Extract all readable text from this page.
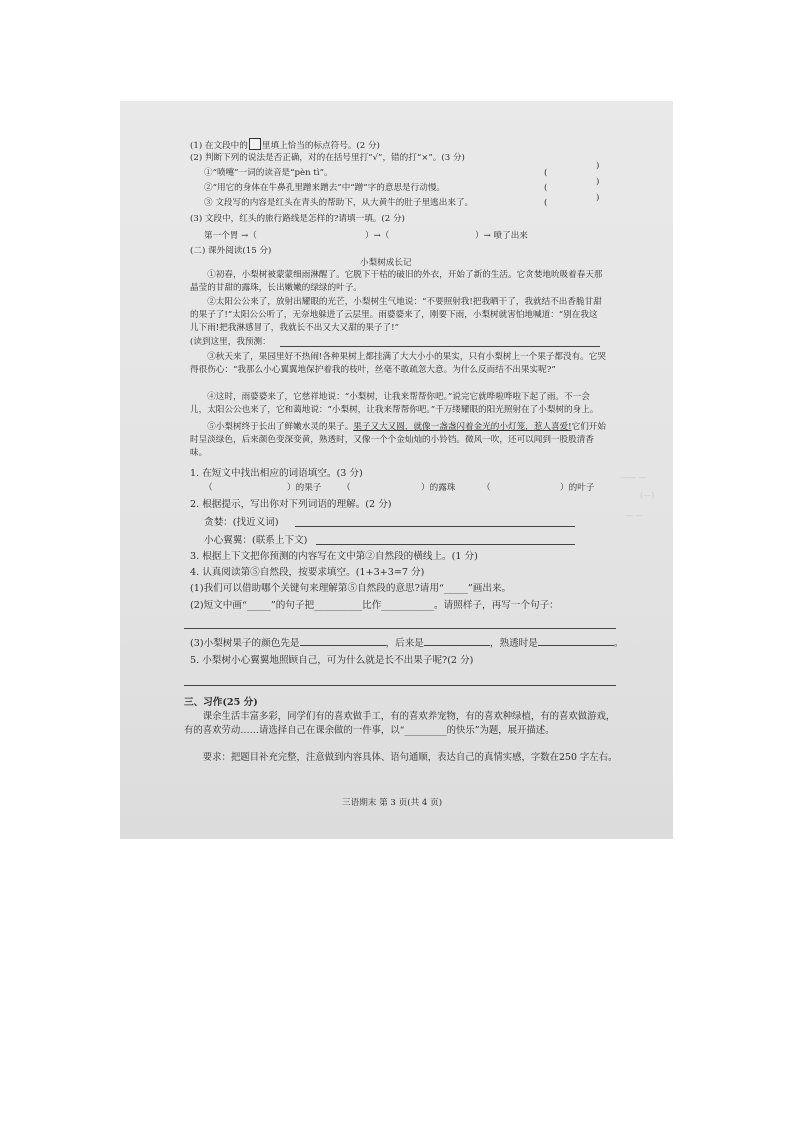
—— —
(—)
— —
(1) 在文段中的 里填上恰当的标点符号。(2 分)
(2) 判断下列的说法是否正确，对的在括号里打“√”，错的打“×”。(3 分)
①“喷嚏”一词的读音是“pèn tì”。
②“用它的身体在牛鼻孔里蹭来蹭去”中“蹭”字的意思是行动慢。
③ 文段写的内容是红头在青头的帮助下，从大黄牛的肚子里逃出来了。
(
)
(
)
(	)
(3) 文段中，红头的旅行路线是怎样的?请填一填。(2 分)
第一个胃 →（	）→（	）→ 喷了出来
(二) 课外阅读(15 分)
小梨树成长记
①初春，小梨树被蒙蒙细雨淋醒了。它脱下干枯的破旧的外衣，开始了新的生活。它贪婪地吮吸着春天那晶莹的甘甜的露珠，长出嫩嫩的绿绿的叶子。
②太阳公公来了，放射出耀眼的光芒，小梨树生气地说：“不要照射我!把我晒干了，我就结不出香脆甘甜的果子了!”太阳公公听了，无奈地躲进了云层里。雨婆婆来了，刚要下雨，小梨树就害怕地喊道：“别在我这儿下雨!把我淋感冒了，我就长不出又大又甜的果子了!”
(读到这里，我预测：
③秋天来了，果园里好不热闹!各种果树上都挂满了大大小小的果实，只有小梨树上一个果子都没有。它哭得很伤心：“我那么小心翼翼地保护着我的枝叶，丝毫不敢疏忽大意。为什么反而结不出果实呢?”
④这时，雨婆婆来了，它慈祥地说：“小梨树，让我来帮帮你吧。”说完它就哗啦哗啦下起了雨。不一会儿，太阳公公也来了，它和蔼地说：“小梨树，让我来帮帮你吧。”千万缕耀眼的阳光照射在了小梨树的身上。
⑤小梨树终于长出了鲜嫩水灵的果子。果子又大又圆，就像一盏盏闪着金光的小灯笼，惹人喜爱!它们开始时呈淡绿色，后来颜色变深变黄，熟透时，又像一个个金灿灿的小铃铛。微风一吹，还可以闻到一股股清香味。
1. 在短文中找出相应的词语填空。(3 分)
（	）的果子 （	）的露珠	（	）的叶子
2. 根据提示，写出你对下列词语的理解。(2 分)
贪婪：(找近义词)
小心翼翼：(联系上下文)
3. 根据上下文把你预测的内容写在文中第②自然段的横线上。(1 分)
4. 认真阅读第⑤自然段，按要求填空。(1+3+3=7 分)
(1)我们可以借助哪个关键句来理解第⑤自然段的意思?请用“_____”画出来。
(2)短文中画“_____”的句子把__________比作___________。请照样子，再写一个句子：
(3)小梨树果子的颜色先是	，后来是	，熟透时是	。
5. 小梨树小心翼翼地照顾自己，可为什么就是长不出果子呢?(2 分)
三、习作(25 分)
课余生活丰富多彩，同学们有的喜欢做手工，有的喜欢养宠物，有的喜欢种绿植，有的喜欢做游戏，有的喜欢劳动……请选择自己在课余做的一件事，以“_________的快乐”为题，展开描述。
要求：把题目补充完整，注意做到内容具体、语句通顺，表达自己的真情实感，字数在250 字左右。
三语期末 第 3 页(共 4 页)
